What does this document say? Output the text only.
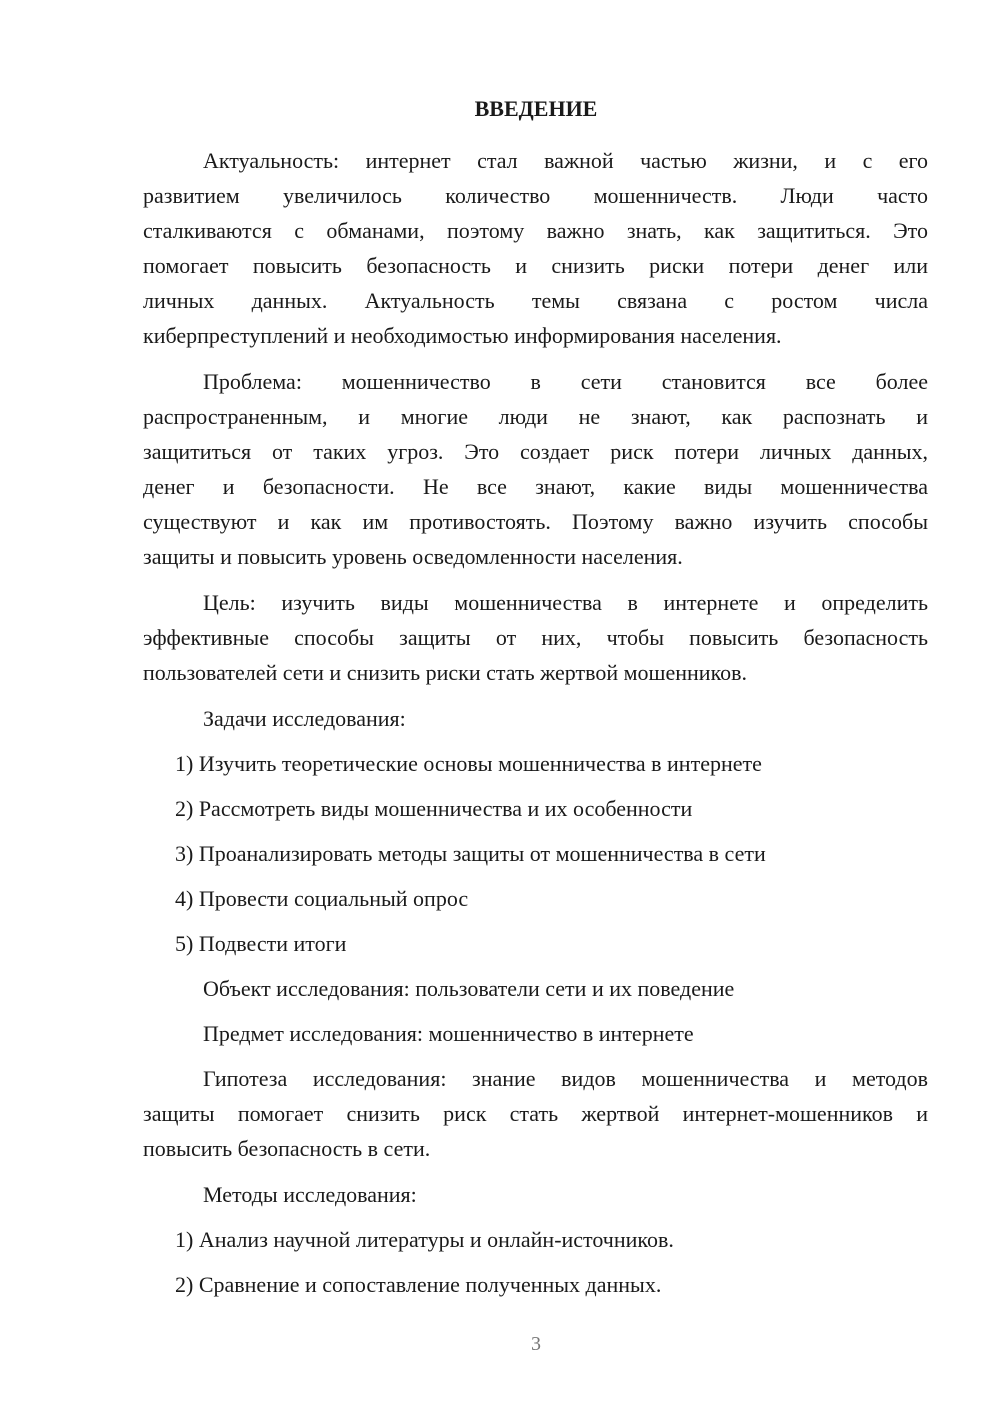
ВВЕДЕНИЕ
Актуальность: интернет стал важной частью жизни, и с его
развитием увеличилось количество мошенничеств. Люди часто
сталкиваются с обманами, поэтому важно знать, как защититься. Это
помогает повысить безопасность и снизить риски потери денег или
личных данных. Актуальность темы связана с ростом числа
киберпреступлений и необходимостью информирования населения.
Проблема: мошенничество в сети становится все более
распространенным, и многие люди не знают, как распознать и
защититься от таких угроз. Это создает риск потери личных данных,
денег и безопасности. Не все знают, какие виды мошенничества
существуют и как им противостоять. Поэтому важно изучить способы
защиты и повысить уровень осведомленности населения.
Цель: изучить виды мошенничества в интернете и определить
эффективные способы защиты от них, чтобы повысить безопасность
пользователей сети и снизить риски стать жертвой мошенников.
Задачи исследования:
1) Изучить теоретические основы мошенничества в интернете
2) Рассмотреть виды мошенничества и их особенности
3) Проанализировать методы защиты от мошенничества в сети
4) Провести социальный опрос
5) Подвести итоги
Объект исследования: пользователи сети и их поведение
Предмет исследования: мошенничество в интернете
Гипотеза исследования: знание видов мошенничества и методов
защиты помогает снизить риск стать жертвой интернет-мошенников и
повысить безопасность в сети.
Методы исследования:
1) Анализ научной литературы и онлайн-источников.
2) Сравнение и сопоставление полученных данных.
3
